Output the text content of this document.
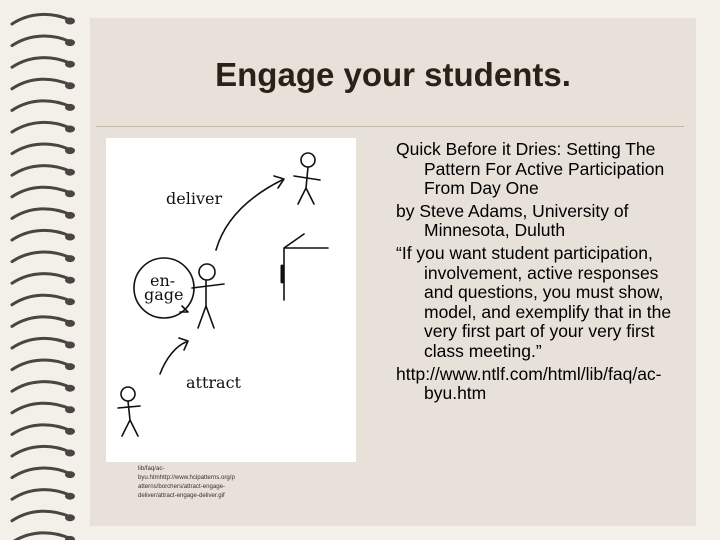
Engage your students.
deliver
en-
gage
attract
lib/faq/ac-
byu.htmhttp://www.hcipatterns.org/p
atterns/borchers/attract-engage-
deliver/attract-engage-deliver.gif

Quick Before it Dries: Setting The Pattern For Active Participation From Day One

by Steve Adams, University of Minnesota, Duluth

“If you want student participation, involvement, active responses and questions, you must show, model, and exemplify that in the very first part of your very first class meeting.”

http://www.ntlf.com/html/lib/faq/ac-byu.htm
